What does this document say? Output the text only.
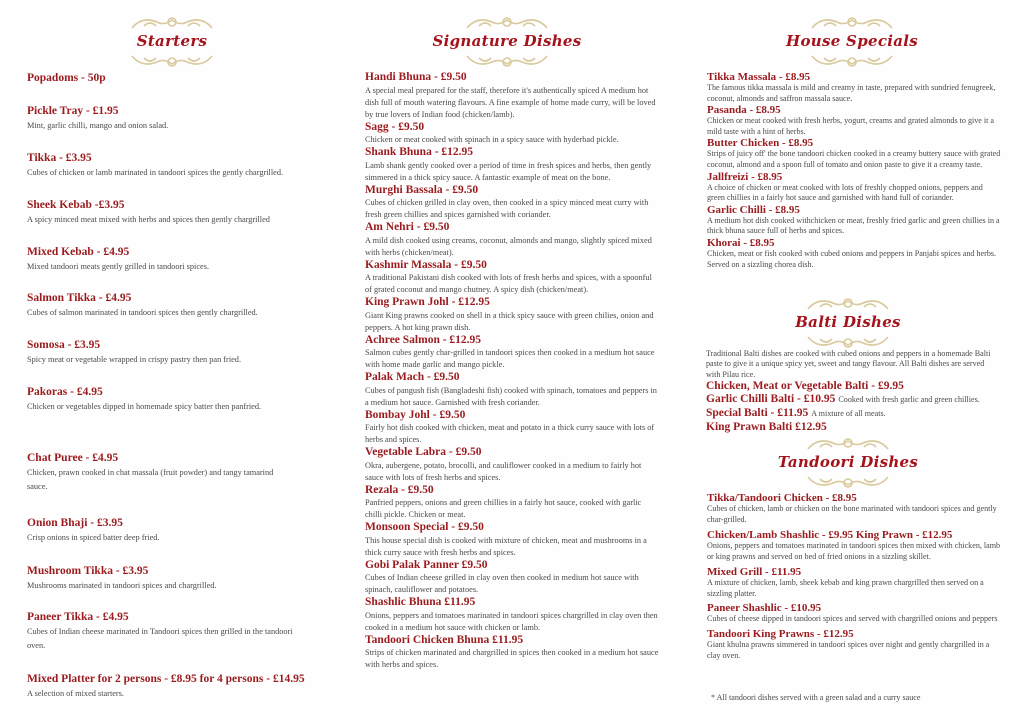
Starters	Signature Dishes	House Specials
Balti Dishes
Tandoori Dishes
Popadoms - 50p
Pickle Tray - £1.95
Mint, garlic chilli, mango and onion salad.
Tikka - £3.95
Cubes of chicken or lamb marinated in tandoori spices the gently chargrilled.
Sheek Kebab -£3.95
A spicy minced meat mixed with herbs and spices then gently chargrilled
Mixed Kebab - £4.95
Mixed tandoori meats gently grilled in tandoori spices.
Salmon Tikka - £4.95
Cubes of salmon marinated in tandoori spices then gently chargrilled.
Somosa - £3.95
Spicy meat or vegetable wrapped in crispy pastry then pan fried.
Pakoras - £4.95
Chicken or vegetables dipped in homemade spicy batter then panfried.
Chat Puree - £4.95
Chicken, prawn cooked in chat massala (fruit powder) and tangy tamarind sauce.
Onion Bhaji - £3.95
Crisp onions in spiced batter deep fried.
Mushroom Tikka - £3.95
Mushrooms marinated in tandoori spices and chargrilled.
Paneer Tikka - £4.95
Cubes of Indian cheese marinated in Tandoori spices then grilled in the tandoori oven.
Mixed Platter for 2 persons - £8.95 for 4 persons - £14.95
A selection of mixed starters.
Handi Bhuna - £9.50
A special meal prepared for the staff, therefore it's authentically spiced A medium hot dish full of mouth watering flavours. A fine example of home made curry, will be loved by true lovers of Indian food (chicken/lamb).
Sagg - £9.50
Chicken or meat cooked with spinach in a spicy sauce with hyderbad pickle.
Shank Bhuna - £12.95
Lamb shank gently cooked over a period of time in fresh spices and herbs, then gently simmered in a thick spicy sauce. A fantastic example of meat on the bone.
Murghi Bassala - £9.50
Cubes of chicken grilled in clay oven, then cooked in a spicy minced meat curry with fresh green chillies and spices garnished with coriander.
Am Nehri - £9.50
A mild dish cooked using creams, coconut, almonds and mango, slightly spiced mixed with herbs (chicken/meat).
Kashmir Massala - £9.50
A traditional Pakistani dish cooked with lots of fresh herbs and spices, with a spoonful of grated coconut and mango chutney. A spicy dish (chicken/meat).
King Prawn Johl - £12.95
Giant King prawns cooked on shell in a thick spicy sauce with green chilies, onion and peppers. A hot king prawn dish.
Achree Salmon - £12.95
Salmon cubes gently char-grilled in tandoori spices then cooked in a medium hot sauce with home made garlic and mango pickle.
Palak Mach - £9.50
Cubes of pangush fish (Bangladeshi fish) cooked with spinach, tomatoes and peppers in a medium hot sauce. Garnished with fresh coriander.
Bombay Johl - £9.50
Fairly hot dish cooked with chicken, meat and potato in a thick curry sauce with lots of herbs and spices.
Vegetable Labra - £9.50
Okra, aubergene, potato, brocolli, and cauliflower cooked in a medium to fairly hot sauce with lots of fresh herbs and spices.
Rezala - £9.50
Panfried peppers, onions and green chillies in a fairly hot sauce, cooked with garlic chilli pickle. Chicken or meat.
Monsoon Special - £9.50
This house special dish is cooked with mixture of chicken, meat and mushrooms in a thick curry sauce with fresh herbs and spices.
Gobi Palak Panner £9.50
Cubes of Indian cheese grilled in clay oven then cooked in medium hot sauce with spinach, cauliflower and potatoes.
Shashlic Bhuna £11.95
Onions, peppers and tomatoes marinated in tandoori spices chargrilled in clay oven then cooked in a medium hot sauce with chicken or lamb.
Tandoori Chicken Bhuna £11.95
Strips of chicken marinated and chargrilled in spices then cooked in a medium hot sauce with herbs and spices.
Tikka Massala - £8.95
The famous tikka massala is mild and creamy in taste, prepared with sundried fenugreek, coconut, almonds and saffron massala sauce.
Pasanda - £8.95
Chicken or meat cooked with fresh herbs, yogurt, creams and grated almonds to give it a mild taste with a hint of herbs.
Butter Chicken - £8.95
Strips of juicy off' the bone tandoori chicken cooked in a creamy buttery sauce with grated coconut, almond and a spoon full of tomato and onion paste to give it a creamy taste.
Jallfreizi - £8.95
A choice of chicken or meat cooked with lots of freshly chopped onions, peppers and green chillies in a fairly hot sauce and garnished with hand full of coriander.
Garlic Chilli - £8.95
A medium hot dish cooked withchicken or meat, freshly fried garlic and green chillies in a thick bhuna sauce full of herbs and spices.
Khorai - £8.95
Chicken, meat or fish cooked with cubed onions and peppers in Panjabi spices and herbs. Served on a sizzling chorea dish.
Traditional Balti dishes are cooked with cubed onions and peppers in a homemade Balti paste to give it a unique spicy yet, sweet and tangy flavour. All Balti dishes are served with Pilau rice.
Chicken, Meat or Vegetable Balti - £9.95
Garlic Chilli Balti - £10.95 Cooked with fresh garlic and green chillies.
Special Balti - £11.95 A mixture of all meats.
King Prawn Balti £12.95
Tikka/Tandoori Chicken - £8.95
Cubes of chicken, lamb or chicken on the bone marinated with tandoori spices and gently char-grilled.
Chicken/Lamb Shashlic - £9.95 King Prawn - £12.95
Onions, peppers and tomatoes marinated in tandoori spices then mixed with chicken, lamb or king prawns and served on bed of fried onions in a sizzling skillet.
Mixed Grill - £11.95
A mixture of chicken, lamb, sheek kebab and king prawn chargrilled then served on a sizzling platter.
Paneer Shashlic - £10.95
Cubes of cheese dipped in tandoori spices and served with chargrilled onions and peppers
Tandoori King Prawns - £12.95
Giant khulna prawns simmered in tandoori spices over night and gently chargrilled in a clay oven.
* All tandoori dishes served with a green salad and a curry sauce
